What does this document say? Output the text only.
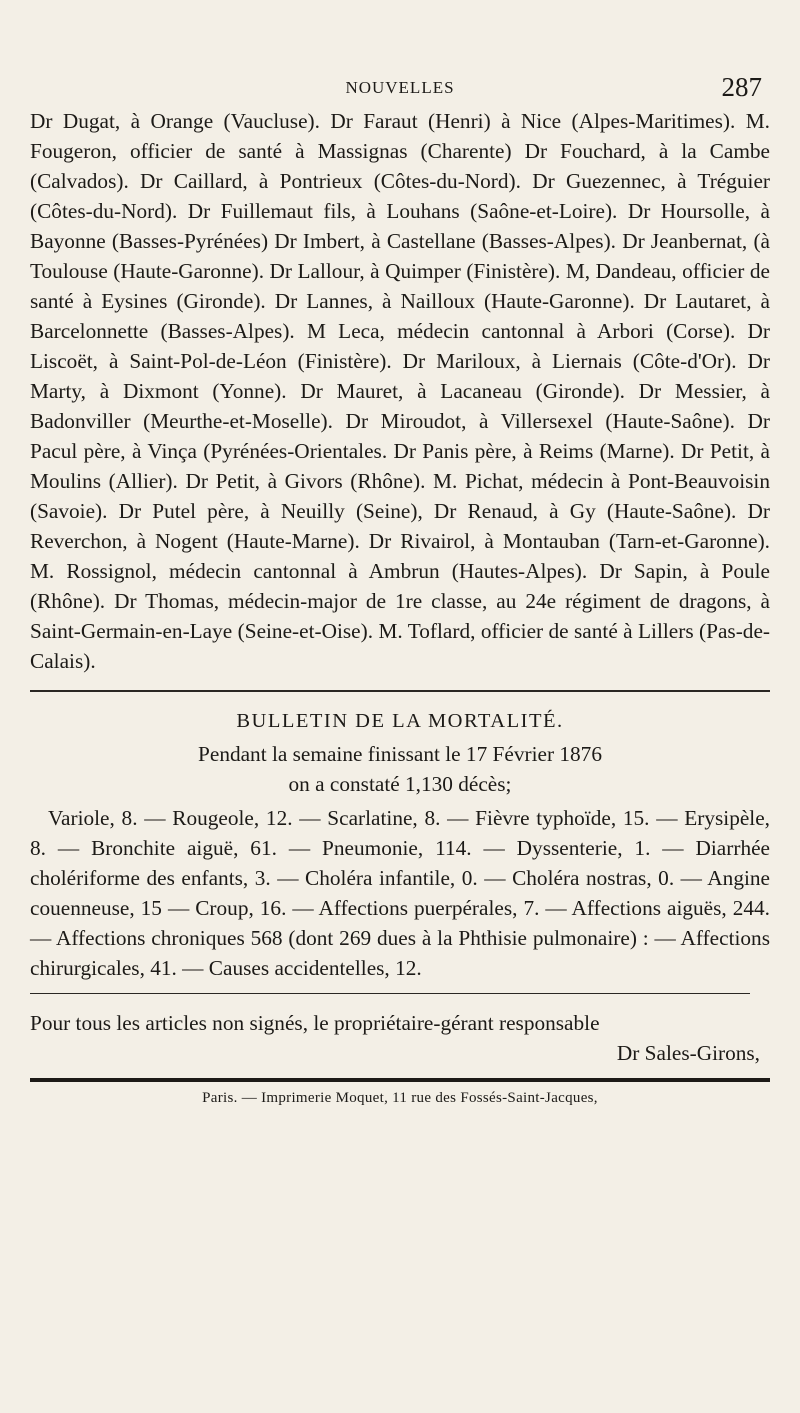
NOUVELLES	287

Dr Dugat, à Orange (Vaucluse). Dr Faraut (Henri) à Nice (Alpes-Maritimes). M. Fougeron, officier de santé à Massignas (Charente) Dr Fouchard, à la Cambe (Calvados). Dr Caillard, à Pontrieux (Côtes-du-Nord). Dr Guezennec, à Tréguier (Côtes-du-Nord). Dr Fuillemaut fils, à Louhans (Saône-et-Loire). Dr Hoursolle, à Bayonne (Basses-Pyrénées) Dr Imbert, à Castellane (Basses-Alpes). Dr Jeanbernat, (à Toulouse (Haute-Garonne). Dr Lallour, à Quimper (Finistère). M, Dandeau, officier de santé à Eysines (Gironde). Dr Lannes, à Nailloux (Haute-Garonne). Dr Lautaret, à Barcelonnette (Basses-Alpes). M Leca, médecin cantonnal à Arbori (Corse). Dr Liscoët, à Saint-Pol-de-Léon (Finistère). Dr Mariloux, à Liernais (Côte-d'Or). Dr Marty, à Dixmont (Yonne). Dr Mauret, à Lacaneau (Gironde). Dr Messier, à Badonviller (Meurthe-et-Moselle). Dr Miroudot, à Villersexel (Haute-Saône). Dr Pacul père, à Vinça (Pyrénées-Orientales. Dr Panis père, à Reims (Marne). Dr Petit, à Moulins (Allier). Dr Petit, à Givors (Rhône). M. Pichat, médecin à Pont-Beauvoisin (Savoie). Dr Putel père, à Neuilly (Seine), Dr Renaud, à Gy (Haute-Saône). Dr Reverchon, à Nogent (Haute-Marne). Dr Rivairol, à Montauban (Tarn-et-Garonne). M. Rossignol, médecin cantonnal à Ambrun (Hautes-Alpes). Dr Sapin, à Poule (Rhône). Dr Thomas, médecin-major de 1re classe, au 24e régiment de dragons, à Saint-Germain-en-Laye (Seine-et-Oise). M. Toflard, officier de santé à Lillers (Pas-de-Calais).

BULLETIN DE LA MORTALITÉ.
Pendant la semaine finissant le 17 Février 1876
on a constaté 1,130 décès;

Variole, 8. — Rougeole, 12. — Scarlatine, 8. — Fièvre typhoïde, 15. — Erysipèle, 8. — Bronchite aiguë, 61. — Pneumonie, 114. — Dyssenterie, 1. — Diarrhée cholériforme des enfants, 3. — Choléra infantile, 0. — Choléra nostras, 0. — Angine couenneuse, 15 — Croup, 16. — Affections puerpérales, 7. — Affections aiguës, 244. — Affections chroniques 568 (dont 269 dues à la Phthisie pulmonaire) : — Affections chirurgicales, 41. — Causes accidentelles, 12.

Pour tous les articles non signés, le propriétaire-gérant responsable

Dr Sales-Girons,
Paris. — Imprimerie Moquet, 11 rue des Fossés-Saint-Jacques,
